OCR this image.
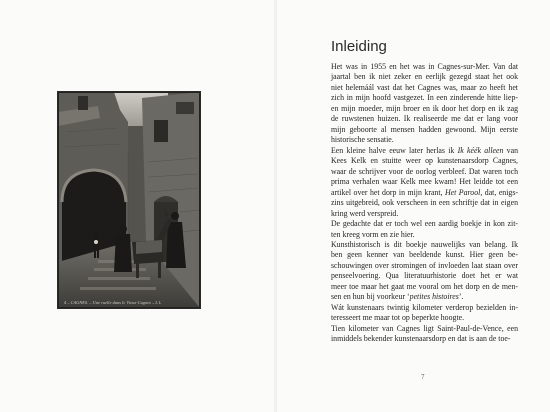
4 – CAGNES. – Une ruelle dans le Vieux-Cagnes – L L
Inleiding
Het was in 1955 en het was in Cagnes-sur-Mer. Van dat
jaartal ben ik niet zeker en eerlijk gezegd staat het ook
niet helemáál vast dat het Cagnes was, maar zo heeft het
zich in mijn hoofd vastgezet. In een zinderende hitte liep-
en mijn moeder, mijn broer en ik door het dorp en ik zag
de ruwstenen huizen. Ik realiseerde me dat er lang voor
mijn geboorte al mensen hadden gewoond. Mijn eerste
historische sensatie.
Een kleine halve eeuw later herlas ik Ik kéék alleen van
Kees Kelk en stuitte weer op kunstenaarsdorp Cagnes,
waar de schrijver voor de oorlog verbleef. Dat waren toch
prima verhalen waar Kelk mee kwam! Het leidde tot een
artikel over het dorp in mijn krant, Het Parool, dat, enigs-
zins uitgebreid, ook verscheen in een schriftje dat in eigen
kring werd verspreid.
De gedachte dat er toch wel een aardig boekje in kon zit-
ten kreeg vorm en zie hier.
Kunsthistorisch is dit boekje nauwelijks van belang. Ik
ben geen kenner van beeldende kunst. Hier geen be-
schouwingen over stromingen of invloeden laat staan over
penseelvoering. Qua literatuurhistorie doet het er wat
meer toe maar het gaat me vooral om het dorp en de men-
sen en hun bij voorkeur ‘petites histoires’.
Wát kunstenaars twintig kilometer verderop bezielden in-
teresseert me maar tot op beperkte hoogte.
Tien kilometer van Cagnes ligt Saint-Paul-de-Vence, een
inmiddels bekender kunstenaarsdorp en dat is aan de toe-
7
